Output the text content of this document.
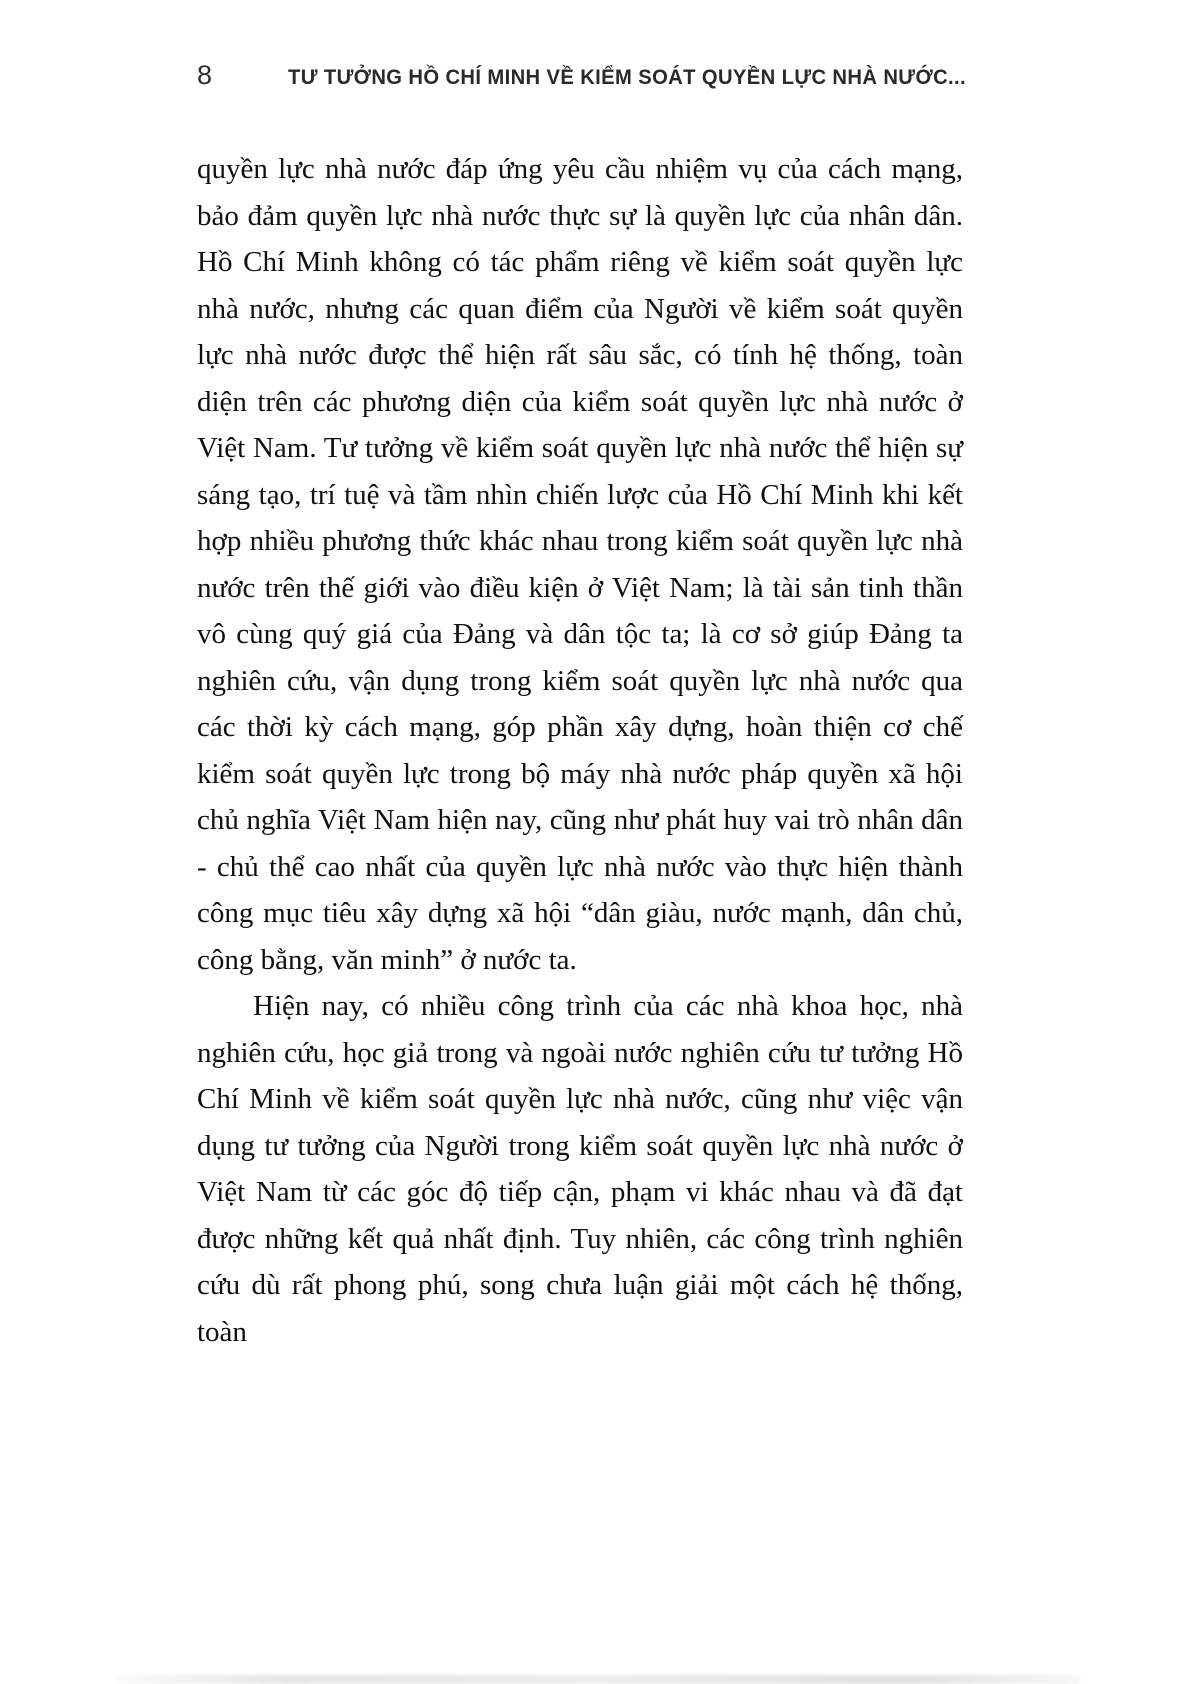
8	TƯ TƯỞNG HỒ CHÍ MINH VỀ KIỂM SOÁT QUYỀN LỰC NHÀ NƯỚC...

quyền lực nhà nước đáp ứng yêu cầu nhiệm vụ của cách mạng, bảo đảm quyền lực nhà nước thực sự là quyền lực của nhân dân. Hồ Chí Minh không có tác phẩm riêng về kiểm soát quyền lực nhà nước, nhưng các quan điểm của Người về kiểm soát quyền lực nhà nước được thể hiện rất sâu sắc, có tính hệ thống, toàn diện trên các phương diện của kiểm soát quyền lực nhà nước ở Việt Nam. Tư tưởng về kiểm soát quyền lực nhà nước thể hiện sự sáng tạo, trí tuệ và tầm nhìn chiến lược của Hồ Chí Minh khi kết hợp nhiều phương thức khác nhau trong kiểm soát quyền lực nhà nước trên thế giới vào điều kiện ở Việt Nam; là tài sản tinh thần vô cùng quý giá của Đảng và dân tộc ta; là cơ sở giúp Đảng ta nghiên cứu, vận dụng trong kiểm soát quyền lực nhà nước qua các thời kỳ cách mạng, góp phần xây dựng, hoàn thiện cơ chế kiểm soát quyền lực trong bộ máy nhà nước pháp quyền xã hội chủ nghĩa Việt Nam hiện nay, cũng như phát huy vai trò nhân dân - chủ thể cao nhất của quyền lực nhà nước vào thực hiện thành công mục tiêu xây dựng xã hội “dân giàu, nước mạnh, dân chủ, công bằng, văn minh” ở nước ta.

Hiện nay, có nhiều công trình của các nhà khoa học, nhà nghiên cứu, học giả trong và ngoài nước nghiên cứu tư tưởng Hồ Chí Minh về kiểm soát quyền lực nhà nước, cũng như việc vận dụng tư tưởng của Người trong kiểm soát quyền lực nhà nước ở Việt Nam từ các góc độ tiếp cận, phạm vi khác nhau và đã đạt được những kết quả nhất định. Tuy nhiên, các công trình nghiên cứu dù rất phong phú, song chưa luận giải một cách hệ thống, toàn
